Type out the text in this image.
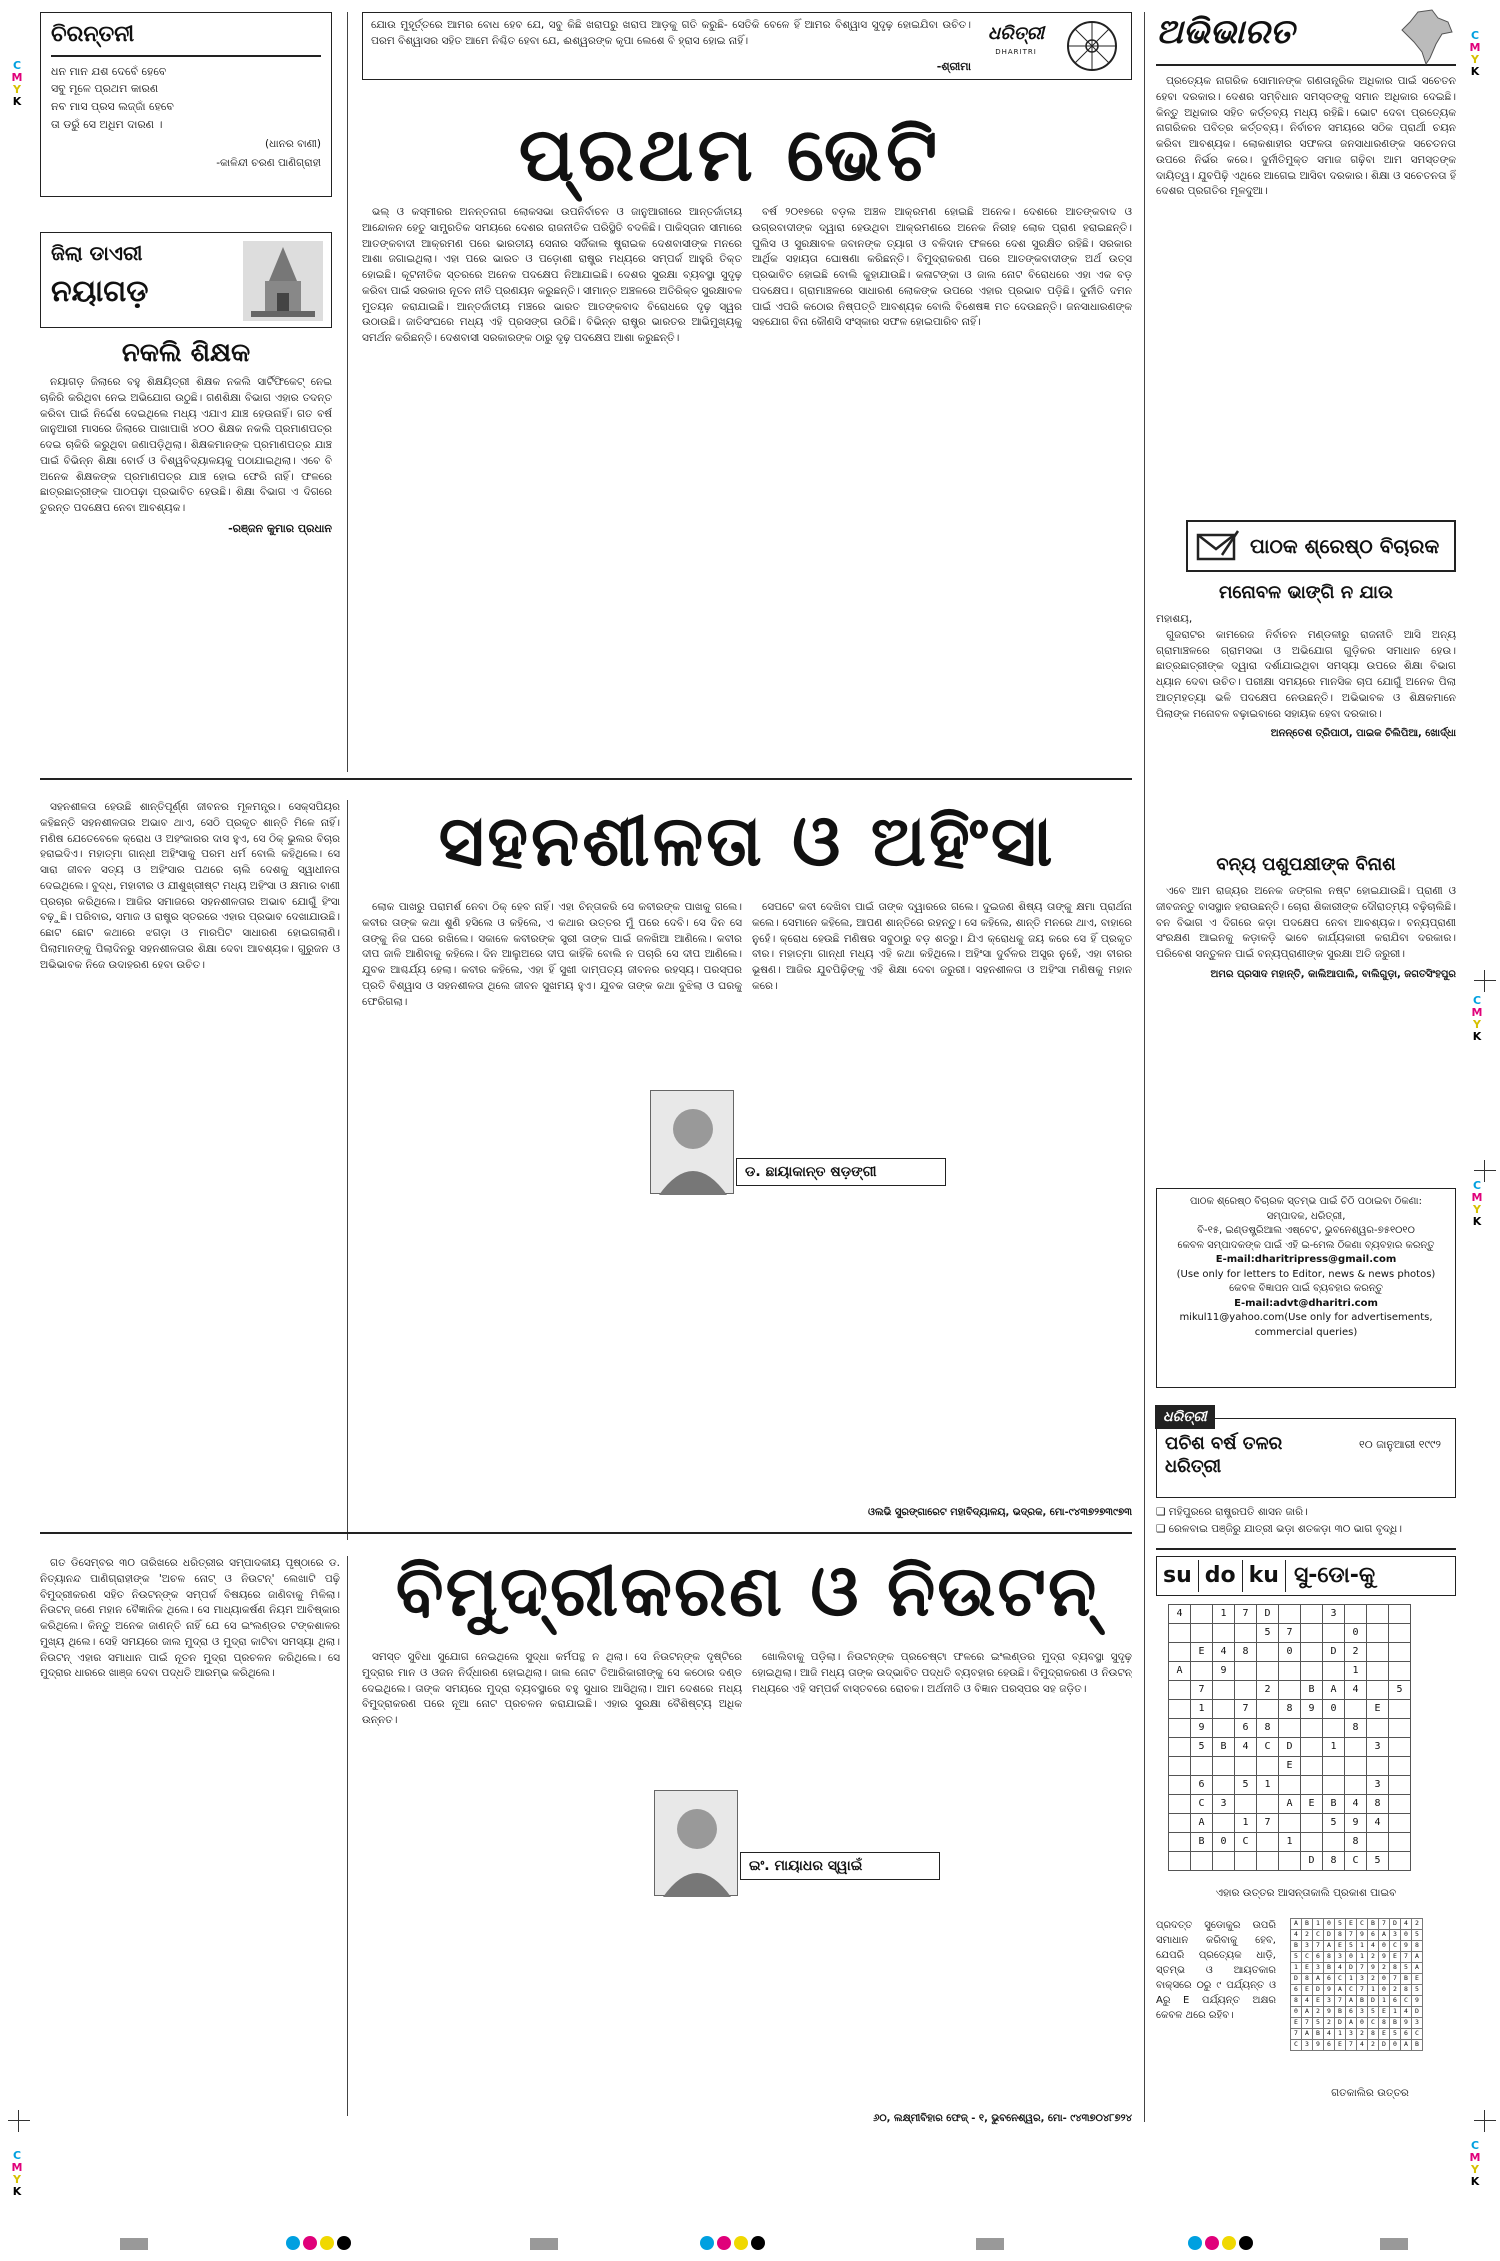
C
M
Y
K
C
M
Y
K
C
M
Y
K
C
M
Y
K
C
M
Y
K
C
M
Y
K
ଚିରନ୍ତନୀ
ଧନ ମାନ ଯଶ ଦେବେଁ ହେବେ
ସବୁ ମୂଳେ ପ୍ରଥମ କାରଣ
ନବ ମାସ ପ୍ରସ ଲଜ୍ଜାଁ ହେବେ
ତା ଡରୁଁ ସେ ଅଧିମ ଦାରଣ ।
(ଧାନର ବାଣୀ)
-କାଳିନ୍ଦୀ ଚରଣ ପାଣିଗ୍ରାହୀ
ଯୋଉ ମୁହୂର୍ତ୍ତରେ ଆମର ବୋଧ ହେବ ଯେ, ସବୁ କିଛି ଖରାପରୁ ଖରାପ ଆଡ଼କୁ ଗତି କରୁଛି- ସେତିକି ବେଳେ ହିଁ ଆମର ବିଶ୍ୱାସ ସୁଦୃଢ଼ ହୋଇଯିବା ଉଚିତ। ପରମ ବିଶ୍ୱାସର ସହିତ ଆମେ ନିଶ୍ଚିତ ହେବା ଯେ, ଈଶ୍ୱରଙ୍କ କୃପା ଲେଶେ ବି ହ୍ରାସ ହୋଇ ନାହିଁ।
-ଶ୍ରୀମା
ଧରିତ୍ରୀ
DHARITRI
ଜିଲା ଡାଏରୀ
ନୟାଗଡ଼
ନକଲି ଶିକ୍ଷକ

ନୟାଗଡ଼ ଜିଲାରେ ବହୁ ଶିକ୍ଷୟିତ୍ରୀ ଶିକ୍ଷକ ନକଲି ସାର୍ଟିଫିକେଟ୍ ନେଇ ଚାକିରି କରିଥିବା ନେଇ ଅଭିଯୋଗ ଉଠୁଛି। ଗଣଶିକ୍ଷା ବିଭାଗ ଏହାର ତଦନ୍ତ କରିବା ପାଇଁ ନିର୍ଦ୍ଦେଶ ଦେଇଥିଲେ ମଧ୍ୟ ଏଯାଏ ଯାଞ୍ଚ ହେଉନାହିଁ। ଗତ ବର୍ଷ ଜାନୁଆରୀ ମାସରେ ଜିଲାରେ ପାଖାପାଖି ୪୦୦ ଶିକ୍ଷକ ନକଲି ପ୍ରମାଣପତ୍ର ଦେଇ ଚାକିରି କରୁଥିବା ଜଣାପଡ଼ିଥିଲା। ଶିକ୍ଷକମାନଙ୍କ ପ୍ରମାଣପତ୍ର ଯାଞ୍ଚ ପାଇଁ ବିଭିନ୍ନ ଶିକ୍ଷା ବୋର୍ଡ ଓ ବିଶ୍ୱବିଦ୍ୟାଳୟକୁ ପଠାଯାଇଥିଲା। ଏବେ ବି ଅନେକ ଶିକ୍ଷକଙ୍କ ପ୍ରମାଣପତ୍ର ଯାଞ୍ଚ ହୋଇ ଫେରି ନାହିଁ। ଫଳରେ ଛାତ୍ରଛାତ୍ରୀଙ୍କ ପାଠପଢ଼ା ପ୍ରଭାବିତ ହେଉଛି। ଶିକ୍ଷା ବିଭାଗ ଏ ଦିଗରେ ତୁରନ୍ତ ପଦକ୍ଷେପ ନେବା ଆବଶ୍ୟକ।

-ରଞ୍ଜନ କୁମାର ପ୍ରଧାନ
ପ୍ରଥମ ଭେଟି

ଭଲ୍ ଓ କସ୍ମୀରର ଅନନ୍ତନାଗ ଲୋକସଭା ଉପନିର୍ବାଚନ ଓ ଜାନୁଆରୀରେ ଆନ୍ତର୍ଜାତୀୟ ଆନ୍ଦୋଳନ ହେତୁ ସାମ୍ପ୍ରତିକ ସମୟରେ ଦେଶର ରାଜନୀତିକ ପରିସ୍ଥିତି ବଦଳିଛି। ପାକିସ୍ତାନ ସୀମାରେ ଆତଙ୍କବାଦୀ ଆକ୍ରମଣ ପରେ ଭାରତୀୟ ସେନାର ସର୍ଜିକାଲ ଷ୍ଟ୍ରାଇକ ଦେଶବାସୀଙ୍କ ମନରେ ଆଶା ଜଗାଇଥିଲା। ଏହା ପରେ ଭାରତ ଓ ପଡ଼ୋଶୀ ରାଷ୍ଟ୍ର ମଧ୍ୟରେ ସମ୍ପର୍କ ଆହୁରି ତିକ୍ତ ହୋଇଛି। କୂଟନୀତିକ ସ୍ତରରେ ଅନେକ ପଦକ୍ଷେପ ନିଆଯାଇଛି। ଦେଶର ସୁରକ୍ଷା ବ୍ୟବସ୍ଥା ସୁଦୃଢ଼ କରିବା ପାଇଁ ସରକାର ନୂତନ ନୀତି ପ୍ରଣୟନ କରୁଛନ୍ତି। ସୀମାନ୍ତ ଅଞ୍ଚଳରେ ଅତିରିକ୍ତ ସୁରକ୍ଷାବଳ ମୁତୟନ କରାଯାଇଛି। ଆନ୍ତର୍ଜାତୀୟ ମଞ୍ଚରେ ଭାରତ ଆତଙ୍କବାଦ ବିରୋଧରେ ଦୃଢ଼ ସ୍ୱର ଉଠାଉଛି। ଜାତିସଂଘରେ ମଧ୍ୟ ଏହି ପ୍ରସଙ୍ଗ ଉଠିଛି। ବିଭିନ୍ନ ରାଷ୍ଟ୍ର ଭାରତର ଆଭିମୁଖ୍ୟକୁ ସମର୍ଥନ କରିଛନ୍ତି। ଦେଶବାସୀ ସରକାରଙ୍କ ଠାରୁ ଦୃଢ଼ ପଦକ୍ଷେପ ଆଶା କରୁଛନ୍ତି।

ବର୍ଷ ୨୦୧୭ରେ ବଡ଼ଲ ଅଞ୍ଚଳ ଆକ୍ରମଣ ହୋଇଛି ଅନେକ। ଦେଶରେ ଆତଙ୍କବାଦ ଓ ଉଗ୍ରବାଦୀଙ୍କ ଦ୍ୱାରା ହେଉଥିବା ଆକ୍ରମଣରେ ଅନେକ ନିରୀହ ଲୋକ ପ୍ରାଣ ହରାଇଛନ୍ତି। ପୁଲିସ ଓ ସୁରକ୍ଷାବଳ ଜବାନଙ୍କ ତ୍ୟାଗ ଓ ବଳିଦାନ ଫଳରେ ଦେଶ ସୁରକ୍ଷିତ ରହିଛି। ସରକାର ଆର୍ଥିକ ସହାୟତା ଘୋଷଣା କରିଛନ୍ତି। ବିମୁଦ୍ରାକରଣ ପରେ ଆତଙ୍କବାଦୀଙ୍କ ଅର୍ଥ ଉତ୍ସ ପ୍ରଭାବିତ ହୋଇଛି ବୋଲି କୁହାଯାଉଛି। କଳାଟଙ୍କା ଓ ଜାଲ ନୋଟ ବିରୋଧରେ ଏହା ଏକ ବଡ଼ ପଦକ୍ଷେପ। ଗ୍ରାମାଞ୍ଚଳରେ ସାଧାରଣ ଲୋକଙ୍କ ଉପରେ ଏହାର ପ୍ରଭାବ ପଡ଼ିଛି। ଦୁର୍ନୀତି ଦମନ ପାଇଁ ଏପରି କଠୋର ନିଷ୍ପତ୍ତି ଆବଶ୍ୟକ ବୋଲି ବିଶେଷଜ୍ଞ ମତ ଦେଉଛନ୍ତି। ଜନସାଧାରଣଙ୍କ ସହଯୋଗ ବିନା କୌଣସି ସଂସ୍କାର ସଫଳ ହୋଇପାରିବ ନାହିଁ।

ଅଭିଭାରତ

ପ୍ରତ୍ୟେକ ନାଗରିକ ସୋମାନଙ୍କ ଗଣତାନ୍ତ୍ରିକ ଅଧିକାର ପାଇଁ ସଚେତନ ହେବା ଦରକାର। ଦେଶର ସମ୍ବିଧାନ ସମସ୍ତଙ୍କୁ ସମାନ ଅଧିକାର ଦେଇଛି। କିନ୍ତୁ ଅଧିକାର ସହିତ କର୍ତ୍ତବ୍ୟ ମଧ୍ୟ ରହିଛି। ଭୋଟ ଦେବା ପ୍ରତ୍ୟେକ ନାଗରିକର ପବିତ୍ର କର୍ତ୍ତବ୍ୟ। ନିର୍ବାଚନ ସମୟରେ ସଠିକ ପ୍ରାର୍ଥୀ ଚୟନ କରିବା ଆବଶ୍ୟକ। ଲୋକଶାହୀର ସଫଳତା ଜନସାଧାରଣଙ୍କ ସଚେତନତା ଉପରେ ନିର୍ଭର କରେ। ଦୁର୍ନୀତିମୁକ୍ତ ସମାଜ ଗଢ଼ିବା ଆମ ସମସ୍ତଙ୍କ ଦାୟିତ୍ୱ। ଯୁବପିଢ଼ି ଏଥିରେ ଆଗେଇ ଆସିବା ଦରକାର। ଶିକ୍ଷା ଓ ସଚେତନତା ହିଁ ଦେଶର ପ୍ରଗତିର ମୂଳଦୁଆ।

ପାଠକ ଶ୍ରେଷ୍ଠ ବିଚାରକ
ମନୋବଳ ଭାଙ୍ଗି ନ ଯାଉ
ମହାଶୟ,

ଗୁଜରାଟର କାମରେଜ ନିର୍ବାଚନ ମଣ୍ଡଳୀରୁ ରାଜନୀତି ଆସି ଅନ୍ୟ ଗ୍ରାମାଞ୍ଚଳରେ ଗ୍ରାମସଭା ଓ ଅଭିଯୋଗ ଗୁଡ଼ିକର ସମାଧାନ ହେଉ। ଛାତ୍ରଛାତ୍ରୀଙ୍କ ଦ୍ୱାରା ଦର୍ଶାଯାଇଥିବା ସମସ୍ୟା ଉପରେ ଶିକ୍ଷା ବିଭାଗ ଧ୍ୟାନ ଦେବା ଉଚିତ। ପରୀକ୍ଷା ସମୟରେ ମାନସିକ ଚାପ ଯୋଗୁଁ ଅନେକ ପିଲା ଆତ୍ମହତ୍ୟା ଭଳି ପଦକ୍ଷେପ ନେଉଛନ୍ତି। ଅଭିଭାବକ ଓ ଶିକ୍ଷକମାନେ ପିଲାଙ୍କ ମନୋବଳ ବଢ଼ାଇବାରେ ସହାୟକ ହେବା ଦରକାର।

ଅନନ୍ତେଶ ତ୍ରିପାଠୀ, ପାଇକ ଚିଲିପିଆ, ଖୋର୍ଦ୍ଧା
ବନ୍ୟ ପଶୁପକ୍ଷୀଙ୍କ ବିନାଶ

ଏବେ ଆମ ରାଜ୍ୟର ଅନେକ ଜଙ୍ଗଲ ନଷ୍ଟ ହୋଇଯାଉଛି। ପ୍ରାଣୀ ଓ ଜୀବଜନ୍ତୁ ବାସସ୍ଥାନ ହରାଉଛନ୍ତି। ଚୋରା ଶିକାରୀଙ୍କ ଦୌରାତ୍ମ୍ୟ ବଢ଼ିଚାଲିଛି। ବନ ବିଭାଗ ଏ ଦିଗରେ କଡ଼ା ପଦକ୍ଷେପ ନେବା ଆବଶ୍ୟକ। ବନ୍ୟପ୍ରାଣୀ ସଂରକ୍ଷଣ ଆଇନକୁ କଡ଼ାକଡ଼ି ଭାବେ କାର୍ଯ୍ୟକାରୀ କରାଯିବା ଦରକାର। ପରିବେଶ ସନ୍ତୁଳନ ପାଇଁ ବନ୍ୟପ୍ରାଣୀଙ୍କ ସୁରକ୍ଷା ଅତି ଜରୁରୀ।

ଅମର ପ୍ରସାଦ ମହାନ୍ତି, କାଲିଆପାଲି, ବାଲିଗୁଡ଼ା, ଜଗତସିଂହପୁର
ପାଠକ ଶ୍ରେଷ୍ଠ ବିଚାରକ ସ୍ତମ୍ଭ ପାଇଁ ଚିଠି ପଠାଇବା ଠିକଣା:
ସମ୍ପାଦକ, ଧରିତ୍ରୀ,
ବି-୧୫, ଇଣ୍ଡଷ୍ଟ୍ରିଆଲ ଏଷ୍ଟେଟ, ଭୁବନେଶ୍ୱର-୭୫୧୦୧୦
କେବଳ ସମ୍ପାଦକଙ୍କ ପାଇଁ ଏହି ଇ-ମେଲ ଠିକଣା ବ୍ୟବହାର କରନ୍ତୁ
E-mail:dharitripress@gmail.com
(Use only for letters to Editor, news & news photos)
କେବଳ ବିଜ୍ଞାପନ ପାଇଁ ବ୍ୟବହାର କରନ୍ତୁ
E-mail:advt@dharitri.com
mikul11@yahoo.com(Use only for advertisements, commercial queries)
ଧରିତ୍ରୀ
ପଚିଶ ବର୍ଷ ତଳର ଧରିତ୍ରୀ
୧୦ ଜାନୁଆରୀ ୧୯୯୨
❑ ମହିପୁରରେ ରାଷ୍ଟ୍ରପତି ଶାସନ ଜାରି।
❑ ରେଳବାଇ ପଞ୍ଜିରୁ ଯାତ୍ରୀ ଭଡ଼ା ଶତକଡ଼ା ୩୦ ଭାଗ ବୃଦ୍ଧି।
su do ku ସୁ-ଡୋ-କୁ
4		1	7	D			3			
				5	7			0		
	E	4	8		0		D	2		
A		9						1		
	7			2		B	A	4		5
	1		7		8	9	0		E	
	9		6	8				8		
	5	B	4	C	D		1		3	
					E					
	6		5	1					3	
	C	3			A	E	B	4	8	
	A		1	7			5	9	4	
	B	0	C		1			8		
						D	8	C	5	
ଏହାର ଉତ୍ତର ଆସନ୍ତାକାଲି ପ୍ରକାଶ ପାଇବ

ପ୍ରଦତ୍ତ ସୁଡୋକୁର ଉପରି ସମାଧାନ କରିବାକୁ ହେବ, ଯେପରି ପ୍ରତ୍ୟେକ ଧାଡ଼ି, ସ୍ତମ୍ଭ ଓ ଆୟତକାର ବାକ୍ସରେ ୦ରୁ ୯ ପର୍ଯ୍ୟନ୍ତ ଓ Aରୁ E ପର୍ଯ୍ୟନ୍ତ ଅକ୍ଷର କେବଳ ଥରେ ରହିବ।

A	B	1	0	5	E	C	B	7	D	4	2
4	2	C	D	8	7	9	6	A	3	0	5
B	3	7	A	E	5	1	4	0	C	9	8
5	C	6	8	3	0	1	2	9	E	7	A
1	E	3	B	4	D	7	9	2	8	5	A
D	8	A	6	C	1	3	2	0	7	B	E
6	E	D	9	A	C	7	1	0	2	8	5
8	4	E	3	7	A	B	D	1	6	C	9
0	A	2	9	B	6	3	5	E	1	4	D
E	7	5	2	D	A	0	C	8	B	9	3
7	A	B	4	1	3	2	8	E	5	6	C
C	3	9	6	E	7	4	2	D	0	A	B
ଗତକାଲିର ଉତ୍ତର
ସହନଶୀଳତା ଓ ଅହିଂସା

ସହନଶୀଳତା ହେଉଛି ଶାନ୍ତିପୂର୍ଣ୍ଣ ଜୀବନର ମୂଳମନ୍ତ୍ର। ସେକ୍ସପିୟର କହିଛନ୍ତି ସହନଶୀଳତାର ଅଭାବ ଥାଏ, ସେଠି ପ୍ରକୃତ ଶାନ୍ତି ମିଳେ ନାହିଁ। ମଣିଷ ଯେତେବେଳେ କ୍ରୋଧ ଓ ଅହଂକାରର ଦାସ ହୁଏ, ସେ ଠିକ୍ ଭୁଲର ବିଚାର ହରାଇଦିଏ। ମହାତ୍ମା ଗାନ୍ଧୀ ଅହିଂସାକୁ ପରମ ଧର୍ମ ବୋଲି କହିଥିଲେ। ସେ ସାରା ଜୀବନ ସତ୍ୟ ଓ ଅହିଂସାର ପଥରେ ଚାଲି ଦେଶକୁ ସ୍ୱାଧୀନତା ଦେଇଥିଲେ। ବୁଦ୍ଧ, ମହାବୀର ଓ ଯୀଶୁଖ୍ରୀଷ୍ଟ ମଧ୍ୟ ଅହିଂସା ଓ କ୍ଷମାର ବାଣୀ ପ୍ରଚାର କରିଥିଲେ। ଆଜିର ସମାଜରେ ସହନଶୀଳତାର ଅଭାବ ଯୋଗୁଁ ହିଂସା ବଢ଼ୁଛି। ପରିବାର, ସମାଜ ଓ ରାଷ୍ଟ୍ର ସ୍ତରରେ ଏହାର ପ୍ରଭାବ ଦେଖାଯାଉଛି। ଛୋଟ ଛୋଟ କଥାରେ ଝଗଡ଼ା ଓ ମାରପିଟ ସାଧାରଣ ହୋଇଗଲାଣି। ପିଲାମାନଙ୍କୁ ପିଲାଦିନରୁ ସହନଶୀଳତାର ଶିକ୍ଷା ଦେବା ଆବଶ୍ୟକ। ଗୁରୁଜନ ଓ ଅଭିଭାବକ ନିଜେ ଉଦାହରଣ ହେବା ଉଚିତ।

ଲୋକ ପାଖରୁ ପରାମର୍ଶ ନେବା ଠିକ୍ ହେବ ନାହିଁ। ଏହା ଚିନ୍ତାକରି ସେ କବୀରଙ୍କ ପାଖକୁ ଗଲେ। କବୀର ତାଙ୍କ କଥା ଶୁଣି ହସିଲେ ଓ କହିଲେ, ଏ କଥାର ଉତ୍ତର ମୁଁ ପରେ ଦେବି। ସେ ଦିନ ସେ ତାଙ୍କୁ ନିଜ ଘରେ ରଖିଲେ। ସକାଳେ କବୀରଙ୍କ ସ୍ତ୍ରୀ ତାଙ୍କ ପାଇଁ ଜଳଖିଆ ଆଣିଲେ। କବୀର ଦୀପ ଜାଳି ଆଣିବାକୁ କହିଲେ। ଦିନ ଆଲୁଅରେ ଦୀପ କାହିଁକି ବୋଲି ନ ପଚାରି ସେ ଦୀପ ଆଣିଲେ। ଯୁବକ ଆଶ୍ଚର୍ଯ୍ୟ ହେଲା। କବୀର କହିଲେ, ଏହା ହିଁ ସୁଖୀ ଦାମ୍ପତ୍ୟ ଜୀବନର ରହସ୍ୟ। ପରସ୍ପର ପ୍ରତି ବିଶ୍ୱାସ ଓ ସହନଶୀଳତା ଥିଲେ ଜୀବନ ସୁଖମୟ ହୁଏ। ଯୁବକ ତାଙ୍କ କଥା ବୁଝିଲା ଓ ଘରକୁ ଫେରିଗଲା।

ସେପଟେ କବୀ ଦେଖିବା ପାଇଁ ତାଙ୍କ ଦ୍ୱାରରେ ଗଲେ। ଦୁଇଜଣ ଶିଷ୍ୟ ତାଙ୍କୁ କ୍ଷମା ପ୍ରାର୍ଥନା କଲେ। ସେମାନେ କହିଲେ, ଆପଣ ଶାନ୍ତିରେ ରହନ୍ତୁ। ସେ କହିଲେ, ଶାନ୍ତି ମନରେ ଥାଏ, ବାହାରେ ନୁହେଁ। କ୍ରୋଧ ହେଉଛି ମଣିଷର ସବୁଠାରୁ ବଡ଼ ଶତ୍ରୁ। ଯିଏ କ୍ରୋଧକୁ ଜୟ କରେ ସେ ହିଁ ପ୍ରକୃତ ବୀର। ମହାତ୍ମା ଗାନ୍ଧୀ ମଧ୍ୟ ଏହି କଥା କହିଥିଲେ। ଅହିଂସା ଦୁର୍ବଳର ଅସ୍ତ୍ର ନୁହେଁ, ଏହା ବୀରର ଭୂଷଣ। ଆଜିର ଯୁବପିଢ଼ିଙ୍କୁ ଏହି ଶିକ୍ଷା ଦେବା ଜରୁରୀ। ସହନଶୀଳତା ଓ ଅହିଂସା ମଣିଷକୁ ମହାନ କରେ।

ଡ. ଛାୟାକାନ୍ତ ଷଡ଼ଙ୍ଗୀ
ଓଲଭି ସୁରଙ୍ଗାରେଟ ମହାବିଦ୍ୟାଳୟ, ଭଦ୍ରକ, ମୋ-୯୪୩୭୨୭୩୯୭୩
ବିମୁଦ୍ରୀକରଣ ଓ ନିଉଟନ୍

ଗତ ଡିସେମ୍ବର ୩୦ ତାରିଖରେ ଧରିତ୍ରୀର ସମ୍ପାଦକୀୟ ପୃଷ୍ଠାରେ ଡ. ନିତ୍ୟାନନ୍ଦ ପାଣିଗ୍ରାହୀଙ୍କ 'ଅଚଳ ନୋଟ୍ ଓ ନିଉଟନ୍' ଲେଖାଟି ପଢ଼ି ବିମୁଦ୍ରୀକରଣ ସହିତ ନିଉଟନ୍ଙ୍କ ସମ୍ପର୍କ ବିଷୟରେ ଜାଣିବାକୁ ମିଳିଲା। ନିଉଟନ୍ ଜଣେ ମହାନ ବୈଜ୍ଞାନିକ ଥିଲେ। ସେ ମାଧ୍ୟାକର୍ଷଣ ନିୟମ ଆବିଷ୍କାର କରିଥିଲେ। କିନ୍ତୁ ଅନେକ ଜାଣନ୍ତି ନାହିଁ ଯେ ସେ ଇଂଲଣ୍ଡର ଟଙ୍କଶାଳର ମୁଖ୍ୟ ଥିଲେ। ସେହି ସମୟରେ ଜାଲ ମୁଦ୍ରା ଓ ମୁଦ୍ରା କାଟିବା ସମସ୍ୟା ଥିଲା। ନିଉଟନ୍ ଏହାର ସମାଧାନ ପାଇଁ ନୂତନ ମୁଦ୍ରା ପ୍ରଚଳନ କରିଥିଲେ। ସେ ମୁଦ୍ରାର ଧାରରେ ଖାଞ୍ଜ ଦେବା ପଦ୍ଧତି ଆରମ୍ଭ କରିଥିଲେ।

ସମସ୍ତ ସୁବିଧା ସୁଯୋଗ ନେଇଥିଲେ ସୁଦ୍ଧା କର୍ମପନ୍ଥ ନ ଥିଲା। ସେ ନିଉଟନ୍ଙ୍କ ଦୃଷ୍ଟିରେ ମୁଦ୍ରାର ମାନ ଓ ଓଜନ ନିର୍ଦ୍ଧାରଣ ହୋଇଥିଲା। ଜାଲ ନୋଟ ତିଆରିକାରୀଙ୍କୁ ସେ କଠୋର ଦଣ୍ଡ ଦେଇଥିଲେ। ତାଙ୍କ ସମୟରେ ମୁଦ୍ରା ବ୍ୟବସ୍ଥାରେ ବହୁ ସୁଧାର ଆସିଥିଲା। ଆମ ଦେଶରେ ମଧ୍ୟ ବିମୁଦ୍ରାକରଣ ପରେ ନୂଆ ନୋଟ ପ୍ରଚଳନ କରାଯାଇଛି। ଏହାର ସୁରକ୍ଷା ବୈଶିଷ୍ଟ୍ୟ ଅଧିକ ଉନ୍ନତ।

ଖୋଲିବାକୁ ପଡ଼ିଲା। ନିଉଟନ୍ଙ୍କ ପ୍ରଚେଷ୍ଟା ଫଳରେ ଇଂଲଣ୍ଡର ମୁଦ୍ରା ବ୍ୟବସ୍ଥା ସୁଦୃଢ଼ ହୋଇଥିଲା। ଆଜି ମଧ୍ୟ ତାଙ୍କ ଉଦ୍ଭାବିତ ପଦ୍ଧତି ବ୍ୟବହାର ହେଉଛି। ବିମୁଦ୍ରାକରଣ ଓ ନିଉଟନ୍ ମଧ୍ୟରେ ଏହି ସମ୍ପର୍କ ବାସ୍ତବରେ ରୋଚକ। ଅର୍ଥନୀତି ଓ ବିଜ୍ଞାନ ପରସ୍ପର ସହ ଜଡ଼ିତ।

ଇଂ. ମାୟାଧର ସ୍ୱାଇଁ
୬୦, ଲକ୍ଷ୍ମୀବିହାର ଫେଜ୍ - ୧, ଭୁବନେଶ୍ୱର, ମୋ- ୯୪୩୭୦୪୮୭୨୪
